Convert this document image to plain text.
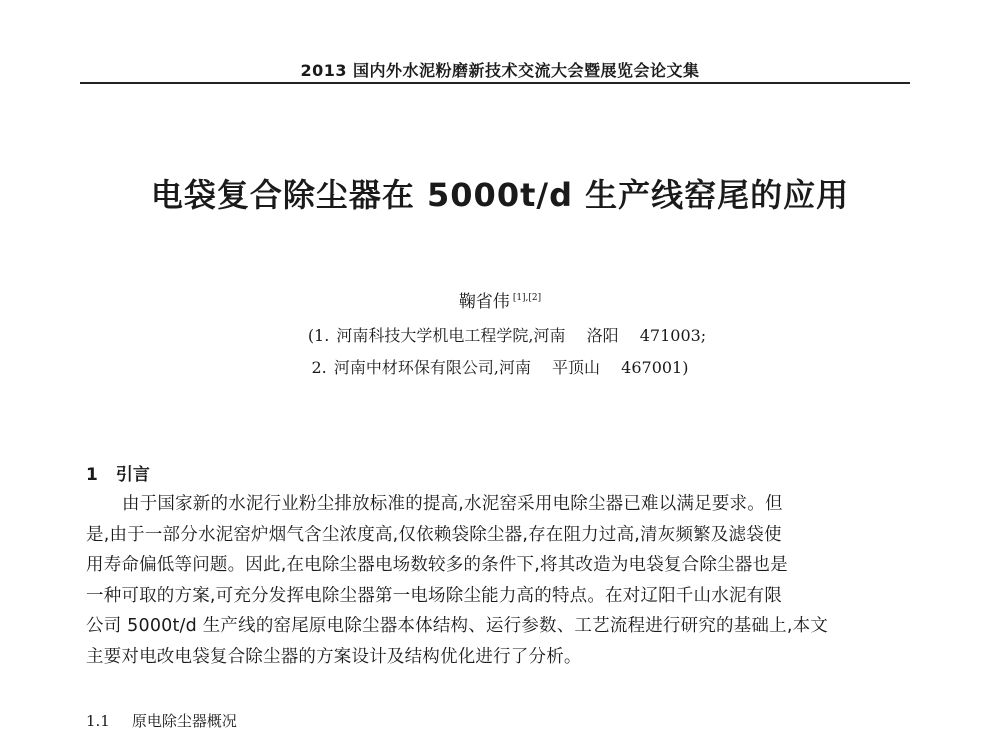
2013 国内外水泥粉磨新技术交流大会暨展览会论文集
电袋复合除尘器在 5000t/d 生产线窑尾的应用
鞠省伟 [1],[2]
(1. 河南科技大学机电工程学院,河南 洛阳 471003;
2. 河南中材环保有限公司,河南 平顶山 467001)
1 引言
由于国家新的水泥行业粉尘排放标准的提高,水泥窑采用电除尘器已难以满足要求。但
是,由于一部分水泥窑炉烟气含尘浓度高,仅依赖袋除尘器,存在阻力过高,清灰频繁及滤袋使
用寿命偏低等问题。因此,在电除尘器电场数较多的条件下,将其改造为电袋复合除尘器也是
一种可取的方案,可充分发挥电除尘器第一电场除尘能力高的特点。在对辽阳千山水泥有限
公司 5000t/d 生产线的窑尾原电除尘器本体结构、运行参数、工艺流程进行研究的基础上,本文
主要对电改电袋复合除尘器的方案设计及结构优化进行了分析。
1.1 原电除尘器概况
